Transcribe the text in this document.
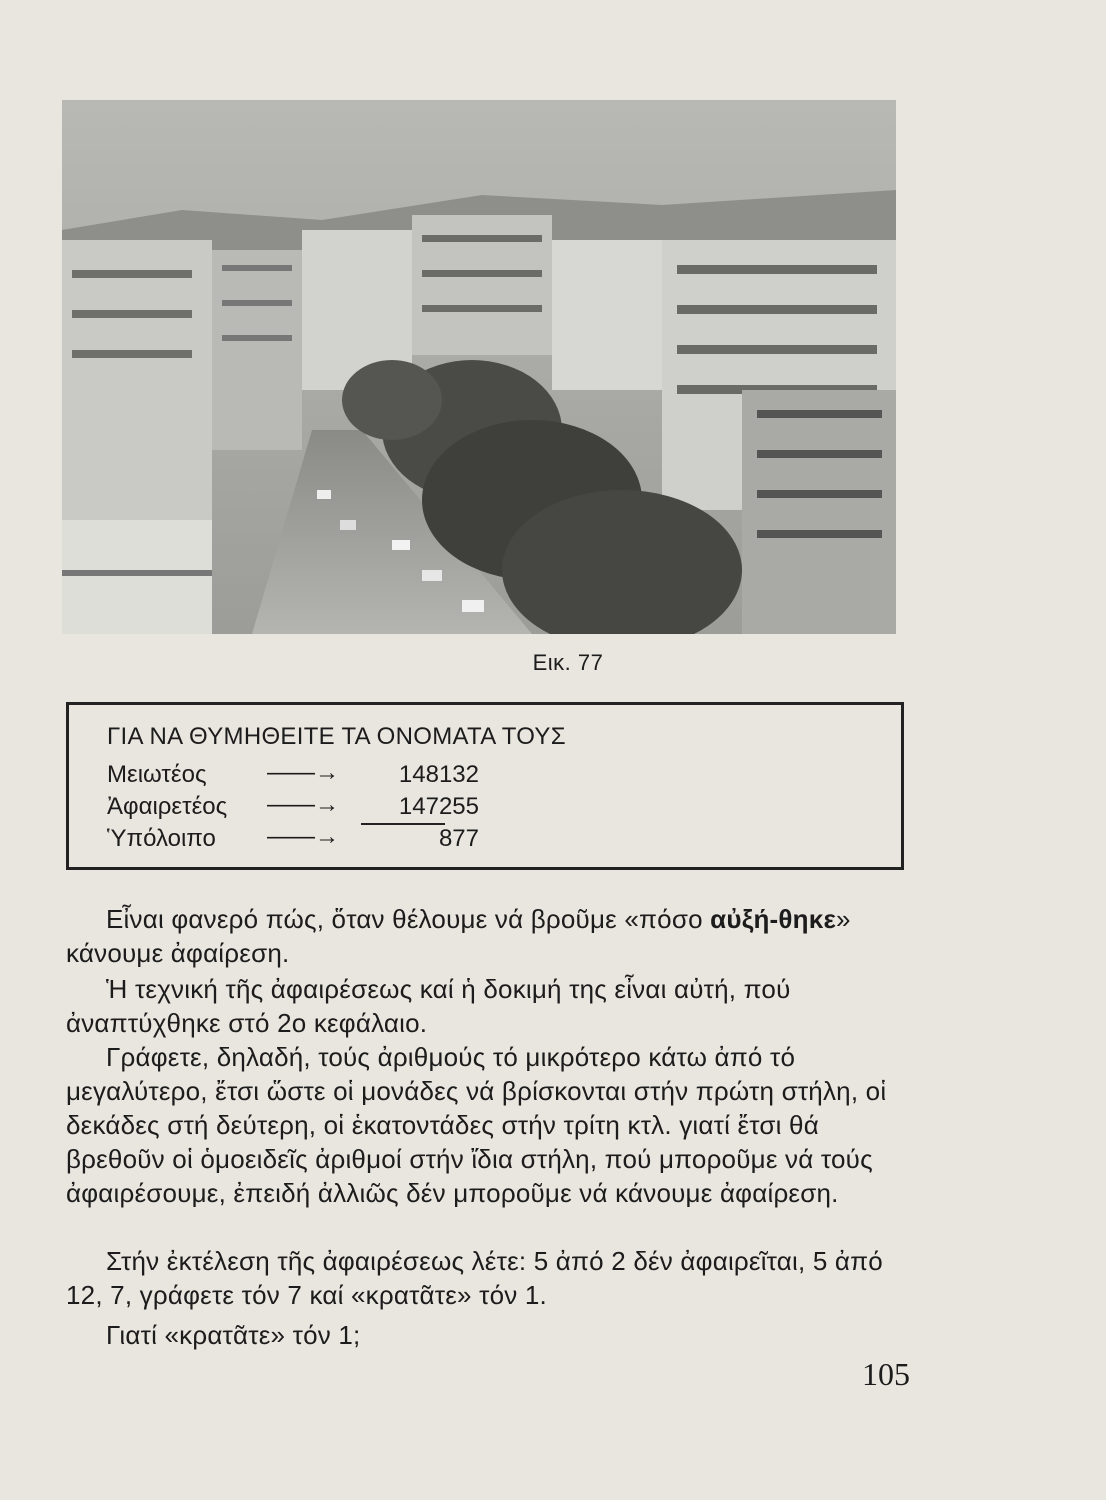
Εικ. 77
ΓΙΑ ΝΑ ΘΥΜΗΘΕΙΤΕ ΤΑ ΟΝΟΜΑΤΑ ΤΟΥΣ
Μειωτέος	——→	148132
Ἀφαιρετέος ——→	147255
Ὑπόλοιπο ——→	877
Εἶναι φανερό πώς, ὅταν θέλουμε νά βροῦμε «πόσο αὐξή-θηκε» κάνουμε ἀφαίρεση.
Ἡ τεχνική τῆς ἀφαιρέσεως καί ἡ δοκιμή της εἶναι αὐτή, πού ἀναπτύχθηκε στό 2ο κεφάλαιο.
Γράφετε, δηλαδή, τούς ἀριθμούς τό μικρότερο κάτω ἀπό τό μεγαλύτερο, ἔτσι ὥστε οἱ μονάδες νά βρίσκονται στήν πρώτη στήλη, οἱ δεκάδες στή δεύτερη, οἱ ἑκατοντάδες στήν τρίτη κτλ. γιατί ἔτσι θά βρεθοῦν οἱ ὁμοειδεῖς ἀριθμοί στήν ἴδια στήλη, πού μποροῦμε νά τούς ἀφαιρέσουμε, ἐπειδή ἀλλιῶς δέν μποροῦμε νά κάνουμε ἀφαίρεση.
Στήν ἐκτέλεση τῆς ἀφαιρέσεως λέτε: 5 ἀπό 2 δέν ἀφαιρεῖται, 5 ἀπό 12, 7, γράφετε τόν 7 καί «κρατᾶτε» τόν 1.
Γιατί «κρατᾶτε» τόν 1;
105
